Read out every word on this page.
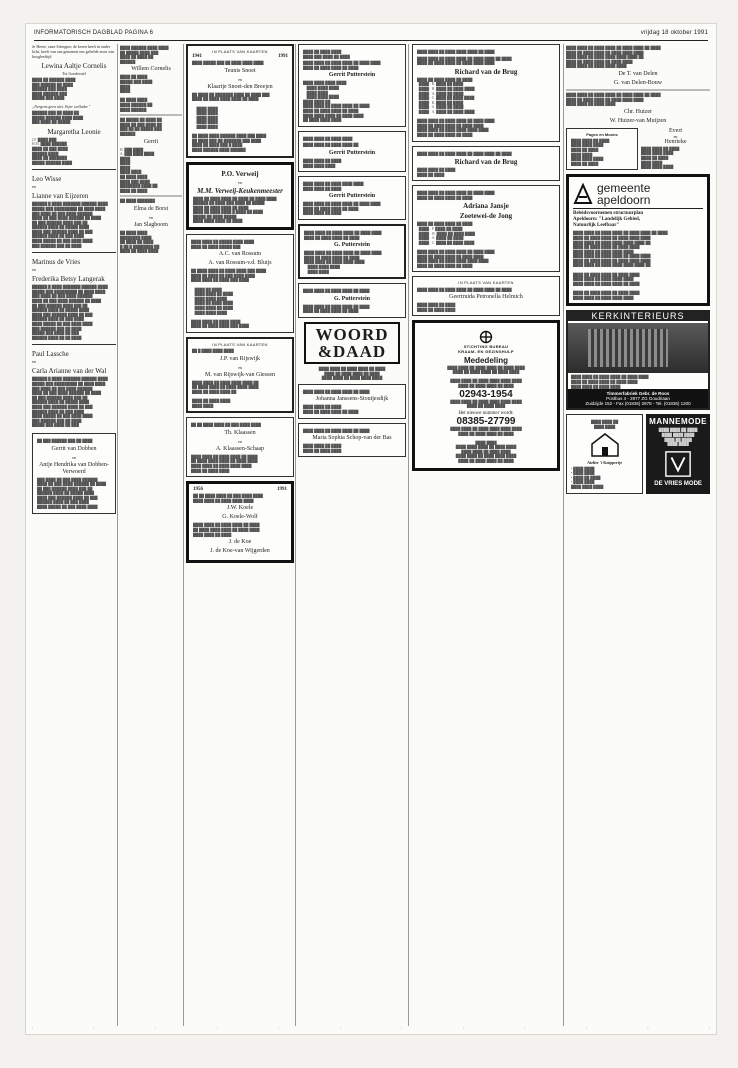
INFORMATORISCH DAGBLAD PAGINA 6	vrijdag 18 oktober 1991
Je Heere, onze Schepper, de keren heeft in onder licht, heeft van ons genomen ons geliefde zoon van hoogleeftijd
Lewina Aaltje Cornelis
Tot Goederstel
████ ██ ██████ ████
███ ██████ ██ ████
██████ ███ ████
████ ██████ ███
█████ ███ ████
„Nergens geen niet. Etjer wellader."
██████ ███ ██ ████ ██
█████ ██████ ████ ████
███ ████ ██ █████
Margaretha Leonie
J.P. ████ ███
H.M. ████ ██████
████ ██ ███ ████
██████ ████
████ ██ ███████
█████ ██████ ████
Leo Wisse
en
Lianne van Eijzeren
██████ █ ████ ███████ ██████ ████
█████ ███ █████████ ██ ████ ████
███ ████ ██ ███ ████ ██████
████ ██ ███ ████ ██████ ██ ████
██ ███ ██████ ████ ███ ██
██████ ████ ██ █████ ████
████ ███ ██████ ████ ██ ███
██████ ████ ██ ███ ████
████ █████ ██ ███ ████ ████
███ ██████ ███ ██ ████
Marinus de Vries
en
Frederika Betsy Langerak
██████ █ ████ ███████ ██████ ████
█████ ███ █████████ ██ ████ ████
███ ████ ██ ███ ████ ██████
████ ██ ███ ████ ██████ ██ ████
██ ███ ██████ ████ ███ ██
██████ ████ ██ █████ ████
████ ███ ██████ ████ ██ ███
██████ ████ ██ ███ ████
████ █████ ██ ███ ████ ████
███ ██████ ███ ██ ████
█████ ███ ████ ██ ███
██████ ████ ██ ██ ████
Paul Lassche
en
Carla Arianne van der Wal
██████ █ ████ ███████ ██████ ████
█████ ███ █████████ ██ ████ ████
███ ████ ██ ███ ████ ██████
████ ██ ███ ████ ██████ ██ ████
██ ███ ██████ ████ ███ ██
██████ ████ ██ █████ ████
████ ███ ██████ ████ ██ ███
██████ ████ ██ ███ ████
████ █████ ██ ███ ████ ████
███ ██████ ███ ██ ████
█████ ███ ████ ██ ███
██ ███ ██████ ███ ██ ████
Gerrit van Dobben
en
Antje Hendrika van Dobben-Verwoerd
███ ████ ██ ███ ████ ██████
████ ██ ███ ████ ██████ ██ ████
██ ███ ██████ ████ ███ ██
██████ ████ ██ █████ ████
████ ███ ██████ ████ ██ ███
██████ ████ ██ ███ ████
████ █████ ██ ███ ████ ████
████ ██████ ████ ████
██ █████ ████ ███
████ ██ ████ ██
██████
Willem Cornelis
████ ██ ████
█████ ███ ████
████
████

██ ████ ████
████ ██████ ██
████ ██████
██ █████ ██ ████ ██
████ ██ ███ ████ ██
███ ██ ██ █████ ███
██████
Gerrit
H. ███ ████
A. ███ ████ ████
████
████
████
████ ████
██ ████ ████
████ ███ ████
████████ ████ ██
████ ██ ████
██ ████ ███████
Elma de Borst
en
Jan Slagboom
██ ████ ████
████████ ████
██ ████ ██ ████
█ ██ █ ████████ ██
████ ██ ████ ████
IN PLAATS VAN KAARTEN
1941	1991
████ █████ ███ ██ ████ ████ ████
Teunis Snoet
en
Klaartje Snoet-den Breejen
██ ████ ██ ███████ ████ ██ ████ ███
████ ██ ████ ████ ████ ██ ████

████ ████
████ ████
████ ████
████ ████
████ ████

██ ████ ████ ██████ ████ ███ ████
██ ████ ███ ██ ███████ ███ ████
████ ██ ████ ███ █ ████
████ ██████ ████ ██████
P.O. Verweij
en
M.M. Verweij-Keukenmeester
████ ██ ████ ████ ██ ████ ██ ████ ████
██████ ██ ████ ███ ████ ██ █████
████ ██ ████ ████ ██ ████
████ ██ ████ ████ █ ████ ██ ████
█████ ██ ████ █████
████ ████ ████ ██ ████
████ ████ ██ █████ ████ ████
████ ██ ████ █████ ███
A.C. van Rossum
A. van Rossum-v.d. Bluijs
██ ████ ████ ██ ████ ████ ███ ████
████ ██ ████ ██ ███ ████ ████
████ ████ ██ ████ ███ ████

████ ██ ████
████ ████ ██ ████
████ ████ ████
████ ██ ████ ████
████ ████ ██ ████
████ ████ ████

████ ████ ██ ████ ████
████ ██ ████ ████ ███ ████
IN PLAATS VAN KAARTEN
██ █ ████ ████ ████
J.P. van Rijswijk
en
M. van Rijswijk-van Giessen
████ ████ ██ ████ ████ ████ ██
██ ████ ████ ██ ████ ████ ████
████ ██ ████ ████ ██

████ ██ ████ ████
████ ████
██ ██ ████ ████ ██ ███ ████ ████
Th. Klaassen
en
A. Klaassen-Schaap
████ ████ ██ ████ ████ ██ ████
██ ████ ████ ████ ██ ████ ████
████ ████ ██ ████ ████ ████
████ ██ ████ ████
1956	1991
██ ██ ████ ████ ██ ███ ████ ████
████ ████ ██ ████ ████ ████
J.W. Koele
G. Koele-Wolf
████ ████ ██ ████ ████ ██ ████
██ ████ ████ ████ ██ ████ ████
████ ████ ██ ████
J. de Koe
J. de Koe-van Wijgerden
████ ██ ████ ████
████ ███ ████ ██ ████
████ ████ ██ ████ ████ ██ ████ ████
████ ██ ████ ████ ██ ████
Gerrit Putterstein
████ ████ ████ ████
████ ████ ████
████ ████
████ ████ ████
████ ████ ██
████ ████ ██ ████ ████ ██ ████
████ ██ ████ ████ ██ ████
████ ████ ████ ██ ████ ████
██ ████ ████ ████
████ ████ ██ ████ ████
████ ████ ██ ████ ████ ██
Gerrit Putterstein
████ ████ ██ ████
████ ████ ████
████ ████ ██ ████ ████ ████
████ ████ ██ ████
Gerrit Putterstein
████ ████ ██ ████ ████ ██ ████ ████
████ ██ ████ ████ ██ ████
████ ████ ██ ████
████ ████ ██ ████ ████ ██ ████ ████
████ ██ ████ ████ ██ ████
G. Putterstein
████ ████ ██ ████ ████ ██ ████ ████
████ ██ ████ ████ ██ ████
████ ████ ██ ████ ████ ████
████ ████ ████
████ ████
████ ████ ██ ████ ████ ██ ████
G. Putterstein
████ ████ ██ ████ ████ ██ ████
████ ██ ████ ████ ██ ████
WOORD
&DAAD
████ ████ ██ ████ ████ ██ ████
████ ██ ████ ████ ██ ████
████ ████ ██ ████ ████ ████
████ ████ ██ ████ ████ ██ ████
Johanna Janssens-Stoutjesdijk
████ ████ ██ ████
████ ██ ████ ████ ██ ████
████ ████ ██ ████ ████ ██ ████
Maria Sophia Schop-van der Bas
████ ████ ██ ████
████ ██ ████ ████
████ ████ ██ ████ ████ ████ ██ ████
████ ████ ██ ████ ████ ██ ████ ████ ██ ████
████ ██ ████ ████ ██ ████ ████ ████
Richard van de Brug
████ ██ ████ ████ ██ ████
████:  R. ████ ██ ████
████:  H. ████ ██ ████ ████
████:  A. ████ ██ ████
████:  C. ████ ██ ████ ████
████:  R. ████ ██ ████
████:  G. ████ ██ ████
████:  A. ████ ██ ████ ████

████ ████ ██ ████ ████ ██ ████ ████
████ ██ ████ ████ ██ ████ ████
████ ████ ██ ████ ████ ████ ████
████ ██ ████ ████ ██ ████
████ ████ ██ ████ ████ ██ ████ ████ ██ ████
Richard van de Brug
████ ████ ██ ████
████ ██ ████
████ ████ ██ ████ ████ ██ ████ ████
████ ██ ████ ████ ██ ████
Adriana Jansje
Zoetewei-de Jong
████ ██ ████ ████ ██ ████
████:  P. ████ ██ ████
████:  W. ████ ██ ████ ████
████:  A. ████ ██ ████
████:  C. ████ ██ ████ ████

████ ████ ██ ████ ████ ██ ████ ████
████ ██ ████ ████ ██ ████ ████
████ ████ ██ ████ ████ ████ ████
████ ██ ████ ████ ██ ████
IN PLAATS VAN KAARTEN
████ ████ ██ ████ ████ ██ ████ ████ ██ ████
Geertruida Petronella Helmich
████ ████ ██ ████
████ ██ ████ ████
STICHTING BUREAU
KRAAM- EN GEZINSHULP
Mededeling
████ ████ ██ ████ ████ ██ ████ ████
████ ██ ████ ████ ██ ████ ████

████ ████ ██ ████ ████ ████ ████
████ ██ ████ ████ ██ ████
02943-1954
████ ████ ██ ████ ████ ████ ████
████ ██ ████ ████
Het nieuwe nummer wordt:
08385-27799
████ ████ ██ ████ ████ ████ ████
████ ██ ████ ████ ██ ████

████ ████
████ ████ ████ ██ ████ ████
████ ████ ██ ████ ████
████ ████ ██ ████ ████ ████
████ ██ ████ ████ ██ ████
████ ████ ██ ████ ████ ██ ████ ████ ██ ████
████ ██ ████ ████ ██ ████ ████ ████
████ ████ ██ ████ ████ ████ ████ ██
████ ██ ████ ████ ██ ████ ████
████ ████ ██ ████ ████ ████
De T. van Delen
G. van Delen-Bouw
████ ████ ██ ████ ████ ██ ████ ████ ██ ████
████ ██ ████ ████ ██ ████ ████ ████
████ ████ ██ ████ ████
Chr. Huizer
W. Huizer-van Muijzen
Pages en Moons
████ ████ ██ ████
████ ████ ████
████ ██ ████
████ ████
████ ████ ████
████ ██ ████
Evert
en
Henrieke
████ ████ ██ ████
████ ████ ████
████ ██ ████
████ ████
████ ████ ████
gemeente
apeldoorn
Beleidsvoornemen structuurplan
Apeldoorn: "Landelijk Gebied,
Natuurlijk Leefbaar"
████ ████ ██ ████ ████ ██ ████ ████ ██ ████
████ ██ ████ ████ ██ ████ ████ ████
████ ████ ██ ████ ████ ████ ████ ██
████ ██ ████ ████ ██ ████ ████
████ ████ ██ ████ ████ ████
████ ████ ██ ████ ████ ██ ████ ████
████ ██ ████ ████ ██ ████ ████ ████
████ ████ ██ ████ ████ ████ ████ ██

████ ██ ████ ████ ██ ████ ████
████ ████ ██ ████ ████ ████
████ ████ ██ ████ ████ ██ ████

████ ██ ████ ████ ██ ████ ████
████ ████ ██ ████ ████ ████
KERKINTERIEURS
████ ████ ██ ████ ████ ██ ████ ████
████ ██ ████ ████ ██ ████ ████
████ ████ ██ ████ ████
Timmerfabriek Gebr. de Roos
Postbus 4 - 2977 ZG Goudriaan
Zuidzijde 152 - Fax (01836) 2878 - Tel. (01836) 1200
████ ████ ██
████ ████
Atelier 't Knippertje
• ████ ████
• ████ ████
• ████ ██ ████
• ████ ████
████ ████ ████
MANNEMODE
████ ████ ██ ████
████ ████ ████
████ ██ ████
████ ████
DE VRIES MODE
|	|	|	|	|	|	|	|	|	|	|	|
